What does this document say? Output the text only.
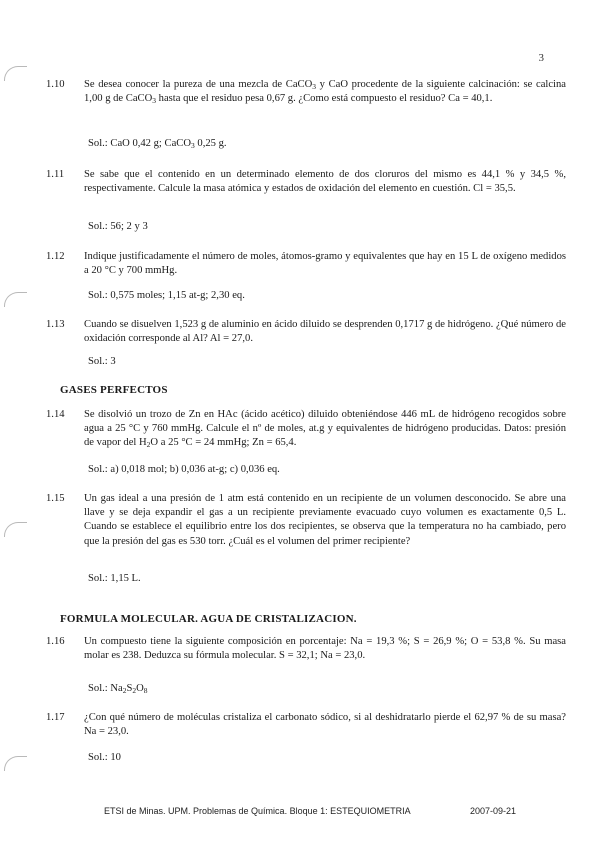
3
1.10	Se desea conocer la pureza de una mezcla de CaCO$_3$ y CaO procedente de la siguiente calcinación: se calcina 1,00 g de CaCO$_3$ hasta que el residuo pesa 0,67 g. ¿Como está compuesto el residuo? Ca = 40,1.
Sol.: CaO 0,42 g; CaCO$_3$ 0,25 g.
1.11	Se sabe que el contenido en un determinado elemento de dos cloruros del mismo es 44,1 % y 34,5 %, respectivamente. Calcule la masa atómica y estados de oxidación del elemento en cuestión. Cl = 35,5.
Sol.: 56; 2 y 3
1.12	Indique justificadamente el número de moles, átomos-gramo y equivalentes que hay en 15 L de oxígeno medidos a 20 °C y 700 mmHg.
Sol.: 0,575 moles; 1,15 at-g; 2,30 eq.
1.13	Cuando se disuelven 1,523 g de aluminio en ácido diluido se desprenden 0,1717 g de hidrógeno. ¿Qué número de oxidación corresponde al Al? Al = 27,0.
Sol.: 3
GASES PERFECTOS
1.14	Se disolvió un trozo de Zn en HAc (ácido acético) diluido obteniéndose 446 mL de hidrógeno recogidos sobre agua a 25 °C y 760 mmHg. Calcule el nº de moles, at.g y equivalentes de hidrógeno producidas. Datos: presión de vapor del $H_2O$ a 25 °C = 24 mmHg; Zn = 65,4.
Sol.: a) 0,018 mol; b) 0,036 at-g; c) 0,036 eq.
1.15	Un gas ideal a una presión de 1 atm está contenido en un recipiente de un volumen desconocido. Se abre una llave y se deja expandir el gas a un recipiente previamente evacuado cuyo volumen es exactamente 0,5 L. Cuando se establece el equilibrio entre los dos recipientes, se observa que la temperatura no ha cambiado, pero que la presión del gas es 530 torr. ¿Cuál es el volumen del primer recipiente?
Sol.: 1,15 L.
FORMULA MOLECULAR. AGUA DE CRISTALIZACION.
1.16	Un compuesto tiene la siguiente composición en porcentaje: Na = 19,3 %; S = 26,9 %; O = 53,8 %. Su masa molar es 238. Deduzca su fórmula molecular. S = 32,1; Na = 23,0.
Sol.: $Na_2S_2O_8$
1.17	¿Con qué número de moléculas cristaliza el carbonato sódico, si al deshidratarlo pierde el 62,97 % de su masa? Na = 23,0.
Sol.: 10
ETSI de Minas. UPM. Problemas de Química. Bloque 1: ESTEQUIOMETRIA	2007-09-21
